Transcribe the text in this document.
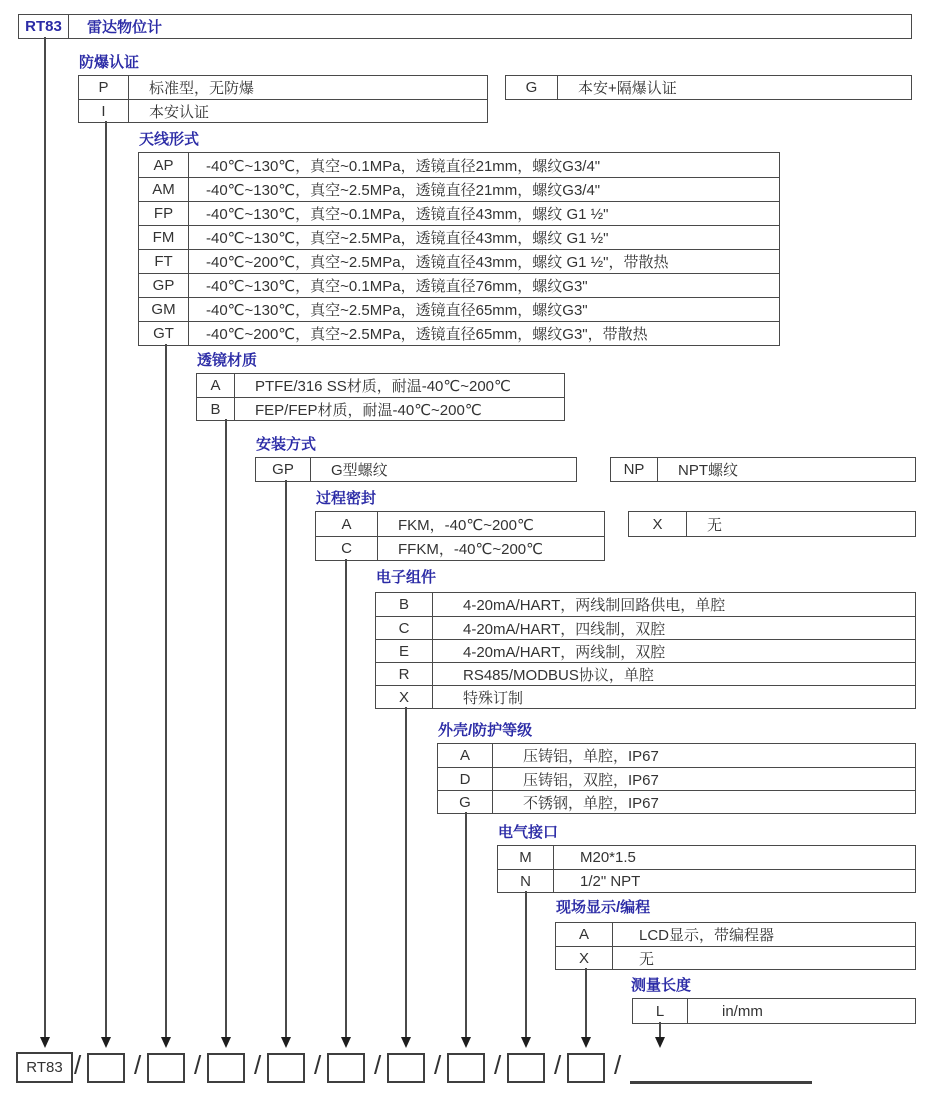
RT83	雷达物位计
防爆认证
天线形式
透镜材质
安装方式
过程密封
电子组件
外壳/防护等级
电气接口
现场显示/编程
测量长度
P	标准型，无防爆
I	本安认证
G	本安+隔爆认证
AP	-40℃~130℃，真空~0.1MPa，透镜直径21mm，螺纹G3/4"
AM	-40℃~130℃，真空~2.5MPa，透镜直径21mm，螺纹G3/4"
FP	-40℃~130℃，真空~0.1MPa，透镜直径43mm，螺纹 G1 ½"
FM	-40℃~130℃，真空~2.5MPa，透镜直径43mm，螺纹 G1 ½"
FT	-40℃~200℃，真空~2.5MPa，透镜直径43mm，螺纹 G1 ½"，带散热
GP	-40℃~130℃，真空~0.1MPa，透镜直径76mm，螺纹G3"
GM	-40℃~130℃，真空~2.5MPa，透镜直径65mm，螺纹G3"
GT	-40℃~200℃，真空~2.5MPa，透镜直径65mm，螺纹G3"，带散热
A	PTFE/316 SS材质，耐温-40℃~200℃
B	FEP/FEP材质，耐温-40℃~200℃
GP	G型螺纹	NP	NPT螺纹
A	FKM，-40℃~200℃
C	FFKM，-40℃~200℃
X	无
B	4-20mA/HART，两线制回路供电，单腔
C	4-20mA/HART，四线制，双腔
E	4-20mA/HART，两线制，双腔
R	RS485/MODBUS协议，单腔
X	特殊订制
A	压铸铝，单腔，IP67
D	压铸铝，双腔，IP67
G	不锈钢，单腔，IP67
M	M20*1.5
N	1/2" NPT
A	LCD显示，带编程器
X	无
L	in/mm
RT83 / / / / / / / / / /
